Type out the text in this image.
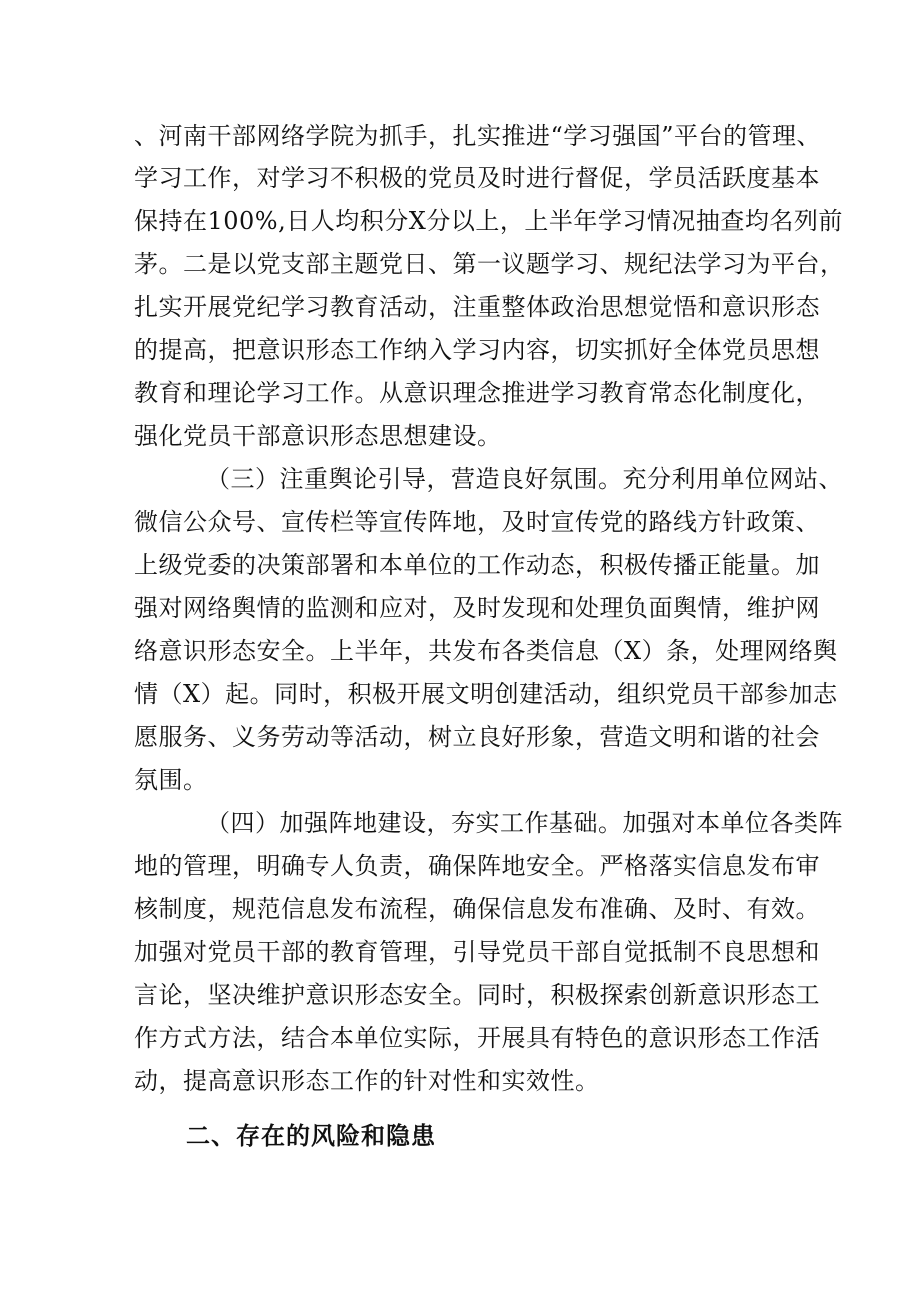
、河南干部网络学院为抓手，扎实推进“学习强国”平台的管理、
学习工作，对学习不积极的党员及时进行督促，学员活跃度基本
保持在100%,日人均积分X分以上，上半年学习情况抽查均名列前
茅。二是以党支部主题党日、第一议题学习、规纪法学习为平台，
扎实开展党纪学习教育活动，注重整体政治思想觉悟和意识形态
的提高，把意识形态工作纳入学习内容，切实抓好全体党员思想
教育和理论学习工作。从意识理念推进学习教育常态化制度化，
强化党员干部意识形态思想建设。
（三）注重舆论引导，营造良好氛围。充分利用单位网站、
微信公众号、宣传栏等宣传阵地，及时宣传党的路线方针政策、
上级党委的决策部署和本单位的工作动态，积极传播正能量。加
强对网络舆情的监测和应对，及时发现和处理负面舆情，维护网
络意识形态安全。上半年，共发布各类信息（X）条，处理网络舆
情（X）起。同时，积极开展文明创建活动，组织党员干部参加志
愿服务、义务劳动等活动，树立良好形象，营造文明和谐的社会
氛围。
（四）加强阵地建设，夯实工作基础。加强对本单位各类阵
地的管理，明确专人负责，确保阵地安全。严格落实信息发布审
核制度，规范信息发布流程，确保信息发布准确、及时、有效。
加强对党员干部的教育管理，引导党员干部自觉抵制不良思想和
言论，坚决维护意识形态安全。同时，积极探索创新意识形态工
作方式方法，结合本单位实际，开展具有特色的意识形态工作活
动，提高意识形态工作的针对性和实效性。
二、存在的风险和隐患
